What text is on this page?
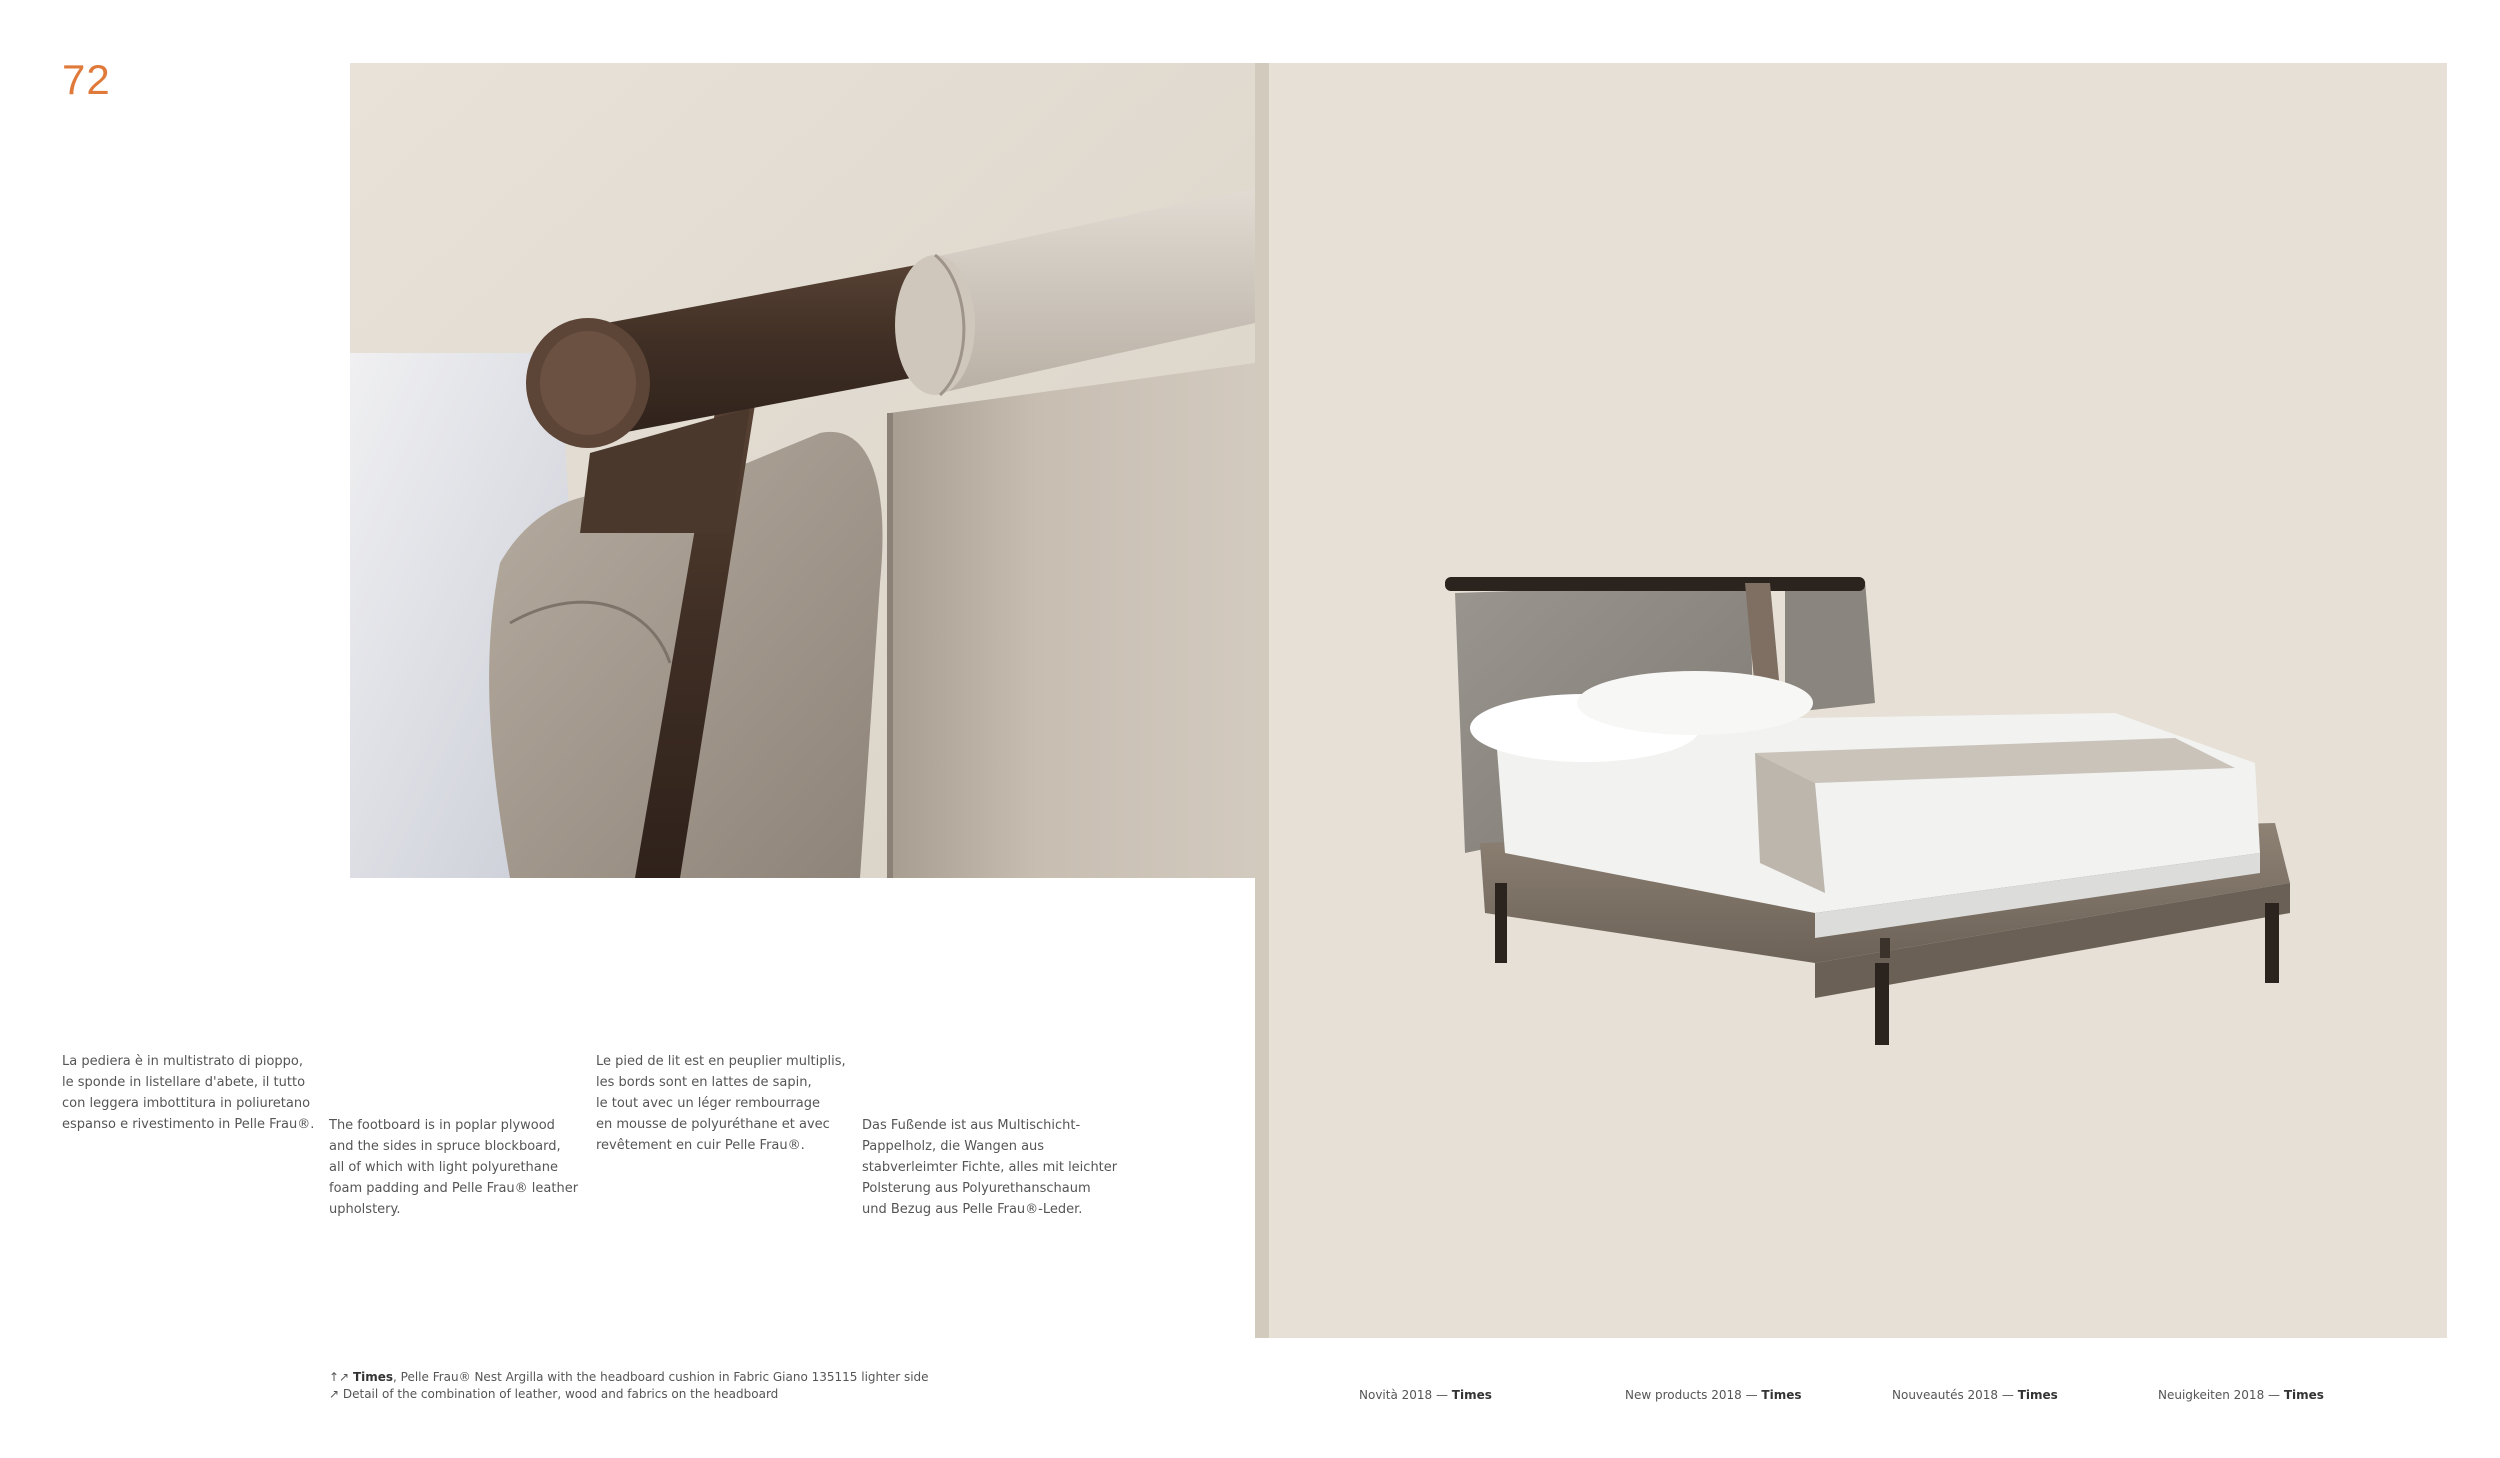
72
La pediera è in multistrato di pioppo,
le sponde in listellare d'abete, il tutto
con leggera imbottitura in poliuretano
espanso e rivestimento in Pelle Frau®.	The footboard is in poplar plywood
and the sides in spruce blockboard,
all of which with light polyurethane
foam padding and Pelle Frau® leather
upholstery.
Le pied de lit est en peuplier multiplis,
les bords sont en lattes de sapin,
le tout avec un léger rembourrage
en mousse de polyuréthane et avec
revêtement en cuir Pelle Frau®.
Das Fußende ist aus Multischicht-
Pappelholz, die Wangen aus
stabverleimter Fichte, alles mit leichter
Polsterung aus Polyurethanschaum
und Bezug aus Pelle Frau®-Leder.
↑↗ Times, Pelle Frau® Nest Argilla with the headboard cushion in Fabric Giano 135115 lighter side
↗ Detail of the combination of leather, wood and fabrics on the headboard	Novità 2018 — Times	New products 2018 — Times	Nouveautés 2018 — Times	Neuigkeiten 2018 — Times
